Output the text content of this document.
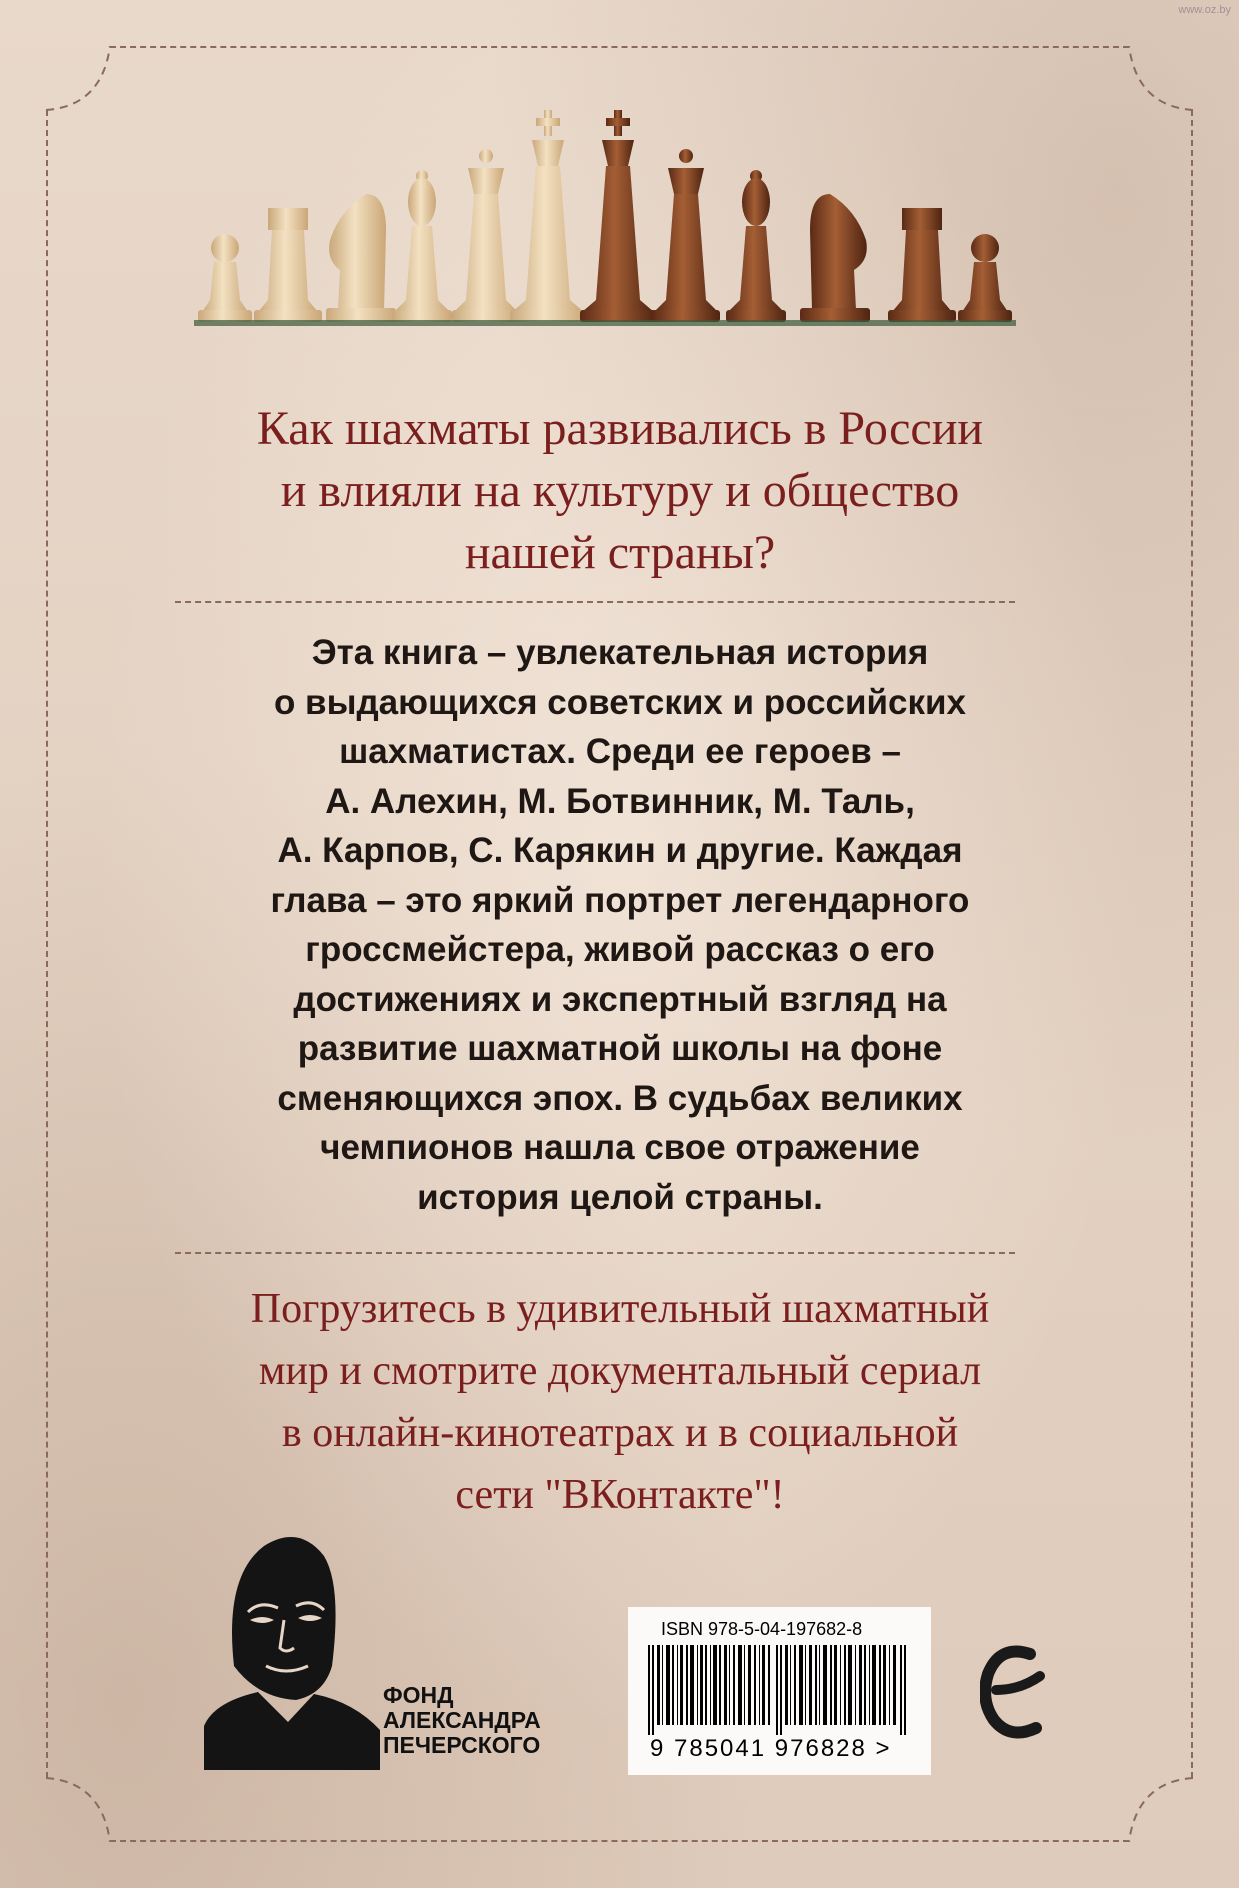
www.oz.by
Как шахматы развивались в России
и влияли на культуру и общество
нашей страны?
Эта книга – увлекательная история
о выдающихся советских и российских
шахматистах. Среди ее героев –
А. Алехин, М. Ботвинник, М. Таль,
А. Карпов, С. Карякин и другие. Каждая
глава – это яркий портрет легендарного
гроссмейстера, живой рассказ о его
достижениях и экспертный взгляд на
развитие шахматной школы на фоне
сменяющихся эпох. В судьбах великих
чемпионов нашла свое отражение
история целой страны.
Погрузитесь в удивительный шахматный
мир и смотрите документальный сериал
в онлайн-кинотеатрах и в социальной
сети "ВКонтакте"!
ФОНД
АЛЕКСАНДРА
ПЕЧЕРСКОГО
ISBN 978-5-04-197682-8
9 785041 976828 >
